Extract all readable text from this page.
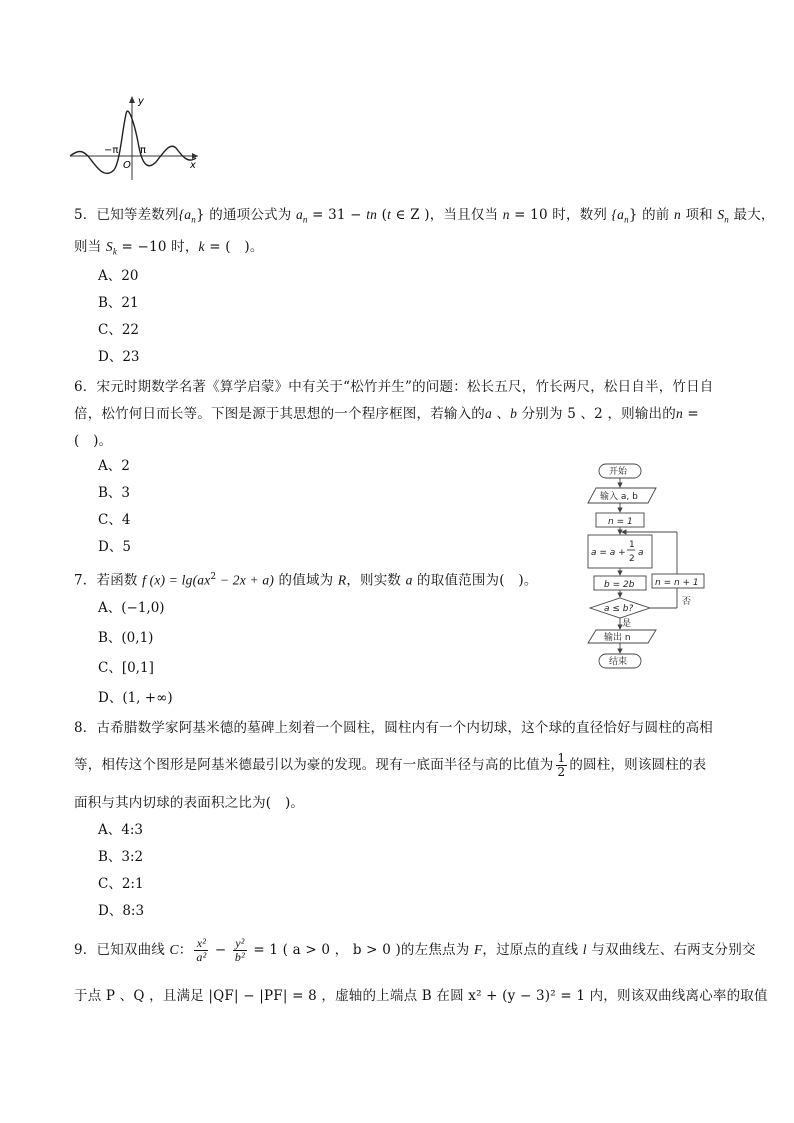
y
x
O
−π π
5．已知等差数列$\{a_n\}$ 的通项公式为 $a_n = 31$ − tn (t ∈ Z )，当且仅当 n = 10 时，数列 $\{a_n\}$ 的前 n 项和 $S_n$ 最大，
则当 $S_k = -10$ 时，k = (　)。
A、20
B、21
C、22
D、23
6．宋元时期数学名著《算学启蒙》中有关于“松竹并生”的问题：松长五尺，竹长两尺，松日自半，竹日自
倍，松竹何日而长等。下图是源于其思想的一个程序框图，若输入的a 、b 分别为 5 、2 ，则输出的n =
(　)。
A、2
B、3
C、4
D、5
开始
输入 a, b
n = 1
a = a +
1
2
a
b = 2b
a ≤ b?
n = n + 1
否
是
输出 n
结束
7．若函数 f $(x) = \lg(ax^2 - 2x + a)$ 的值域为 R，则实数 a 的取值范围为(　)。
A、(−1,0)
B、(0,1)
C、[0,1]
D、(1, +∞)
8．古希腊数学家阿基米德的墓碑上刻着一个圆柱，圆柱内有一个内切球，这个球的直径恰好与圆柱的高相
等，相传这个图形是阿基米德最引以为豪的发现。现有一底面半径与高的比值为 $\frac{1}{2}$ 的圆柱，则该圆柱的表
面积与其内切球的表面积之比为(　)。
A、4:3
B、3:2
C、2:1
D、8:3
9．已知双曲线 C： $\frac{\text{x²}}{\text{a²}} - \frac{\text{y²}}{\text{b²}} = 1$ ( a > 0 ， b > 0 )的左焦点为 F，过原点的直线 l 与双曲线左、右两支分别交
于点 P 、Q ，且满足 |QF| − |PF| = 8 ，虚轴的上端点 B 在圆 x² + (y − 3)² = 1 内，则该双曲线离心率的取值
